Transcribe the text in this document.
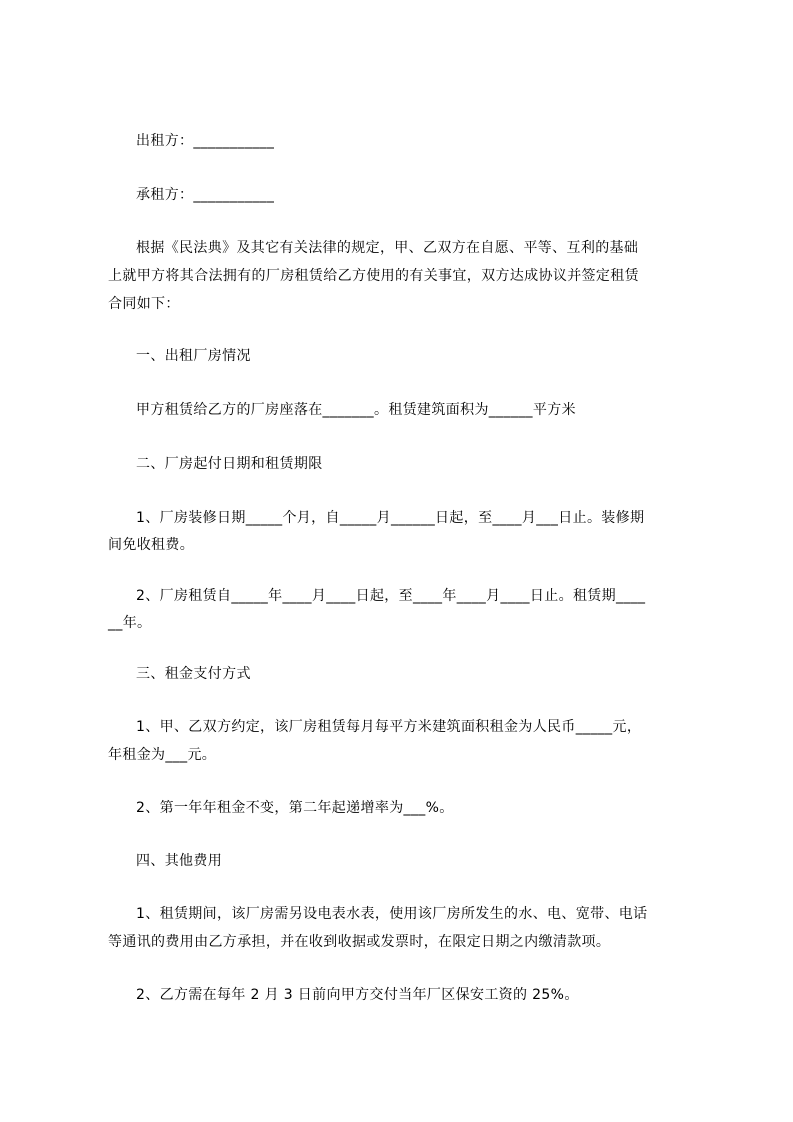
出租方：___________
承租方：___________
根据《民法典》及其它有关法律的规定，甲、乙双方在自愿、平等、互利的基础
上就甲方将其合法拥有的厂房租赁给乙方使用的有关事宜，双方达成协议并签定租赁
合同如下：
一、出租厂房情况
甲方租赁给乙方的厂房座落在_______。租赁建筑面积为______平方米
二、厂房起付日期和租赁期限
1、厂房装修日期_____个月，自_____月______日起，至____月___日止。装修期
间免收租费。
2、厂房租赁自_____年____月____日起，至____年____月____日止。租赁期____
__年。
三、租金支付方式
1、甲、乙双方约定，该厂房租赁每月每平方米建筑面积租金为人民币_____元，
年租金为___元。
2、第一年年租金不变，第二年起递增率为___%。
四、其他费用
1、租赁期间，该厂房需另设电表水表，使用该厂房所发生的水、电、宽带、电话
等通讯的费用由乙方承担，并在收到收据或发票时，在限定日期之内缴清款项。
2、乙方需在每年 2 月 3 日前向甲方交付当年厂区保安工资的 25%。
